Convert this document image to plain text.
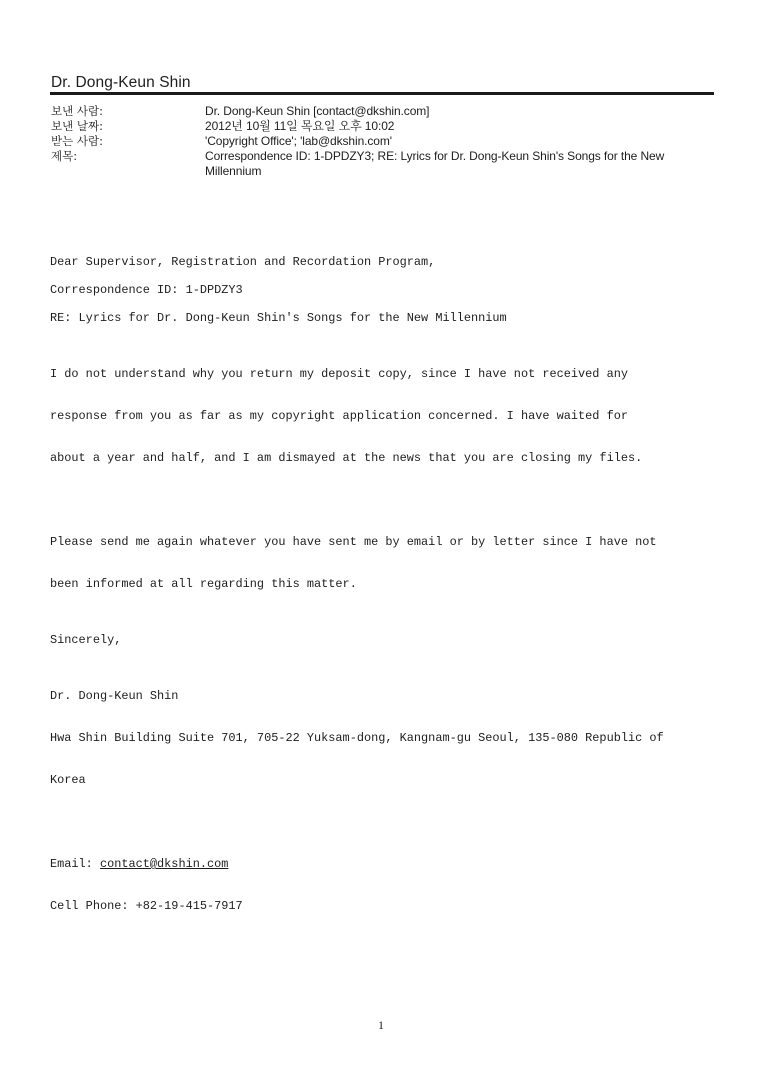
Dr. Dong-Keun Shin
보낸 사람:	Dr. Dong-Keun Shin [contact@dkshin.com]
보낸 날짜:	2012년 10월 11일 목요일 오후 10:02
받는 사람:	'Copyright Office'; 'lab@dkshin.com'
제목:	Correspondence ID: 1-DPDZY3; RE: Lyrics for Dr. Dong-Keun Shin's Songs for the New
Millennium

Dear Supervisor, Registration and Recordation Program,

Correspondence ID: 1-DPDZY3

RE: Lyrics for Dr. Dong-Keun Shin's Songs for the New Millennium

I do not understand why you return my deposit copy, since I have not received any

response from you as far as my copyright application concerned. I have waited for

about a year and half, and I am dismayed at the news that you are closing my files.

Please send me again whatever you have sent me by email or by letter since I have not

been informed at all regarding this matter.

Sincerely,

Dr. Dong-Keun Shin

Hwa Shin Building Suite 701, 705-22 Yuksam-dong, Kangnam-gu Seoul, 135-080 Republic of

Korea

Email: contact@dkshin.com

Cell Phone: +82-19-415-7917

1
